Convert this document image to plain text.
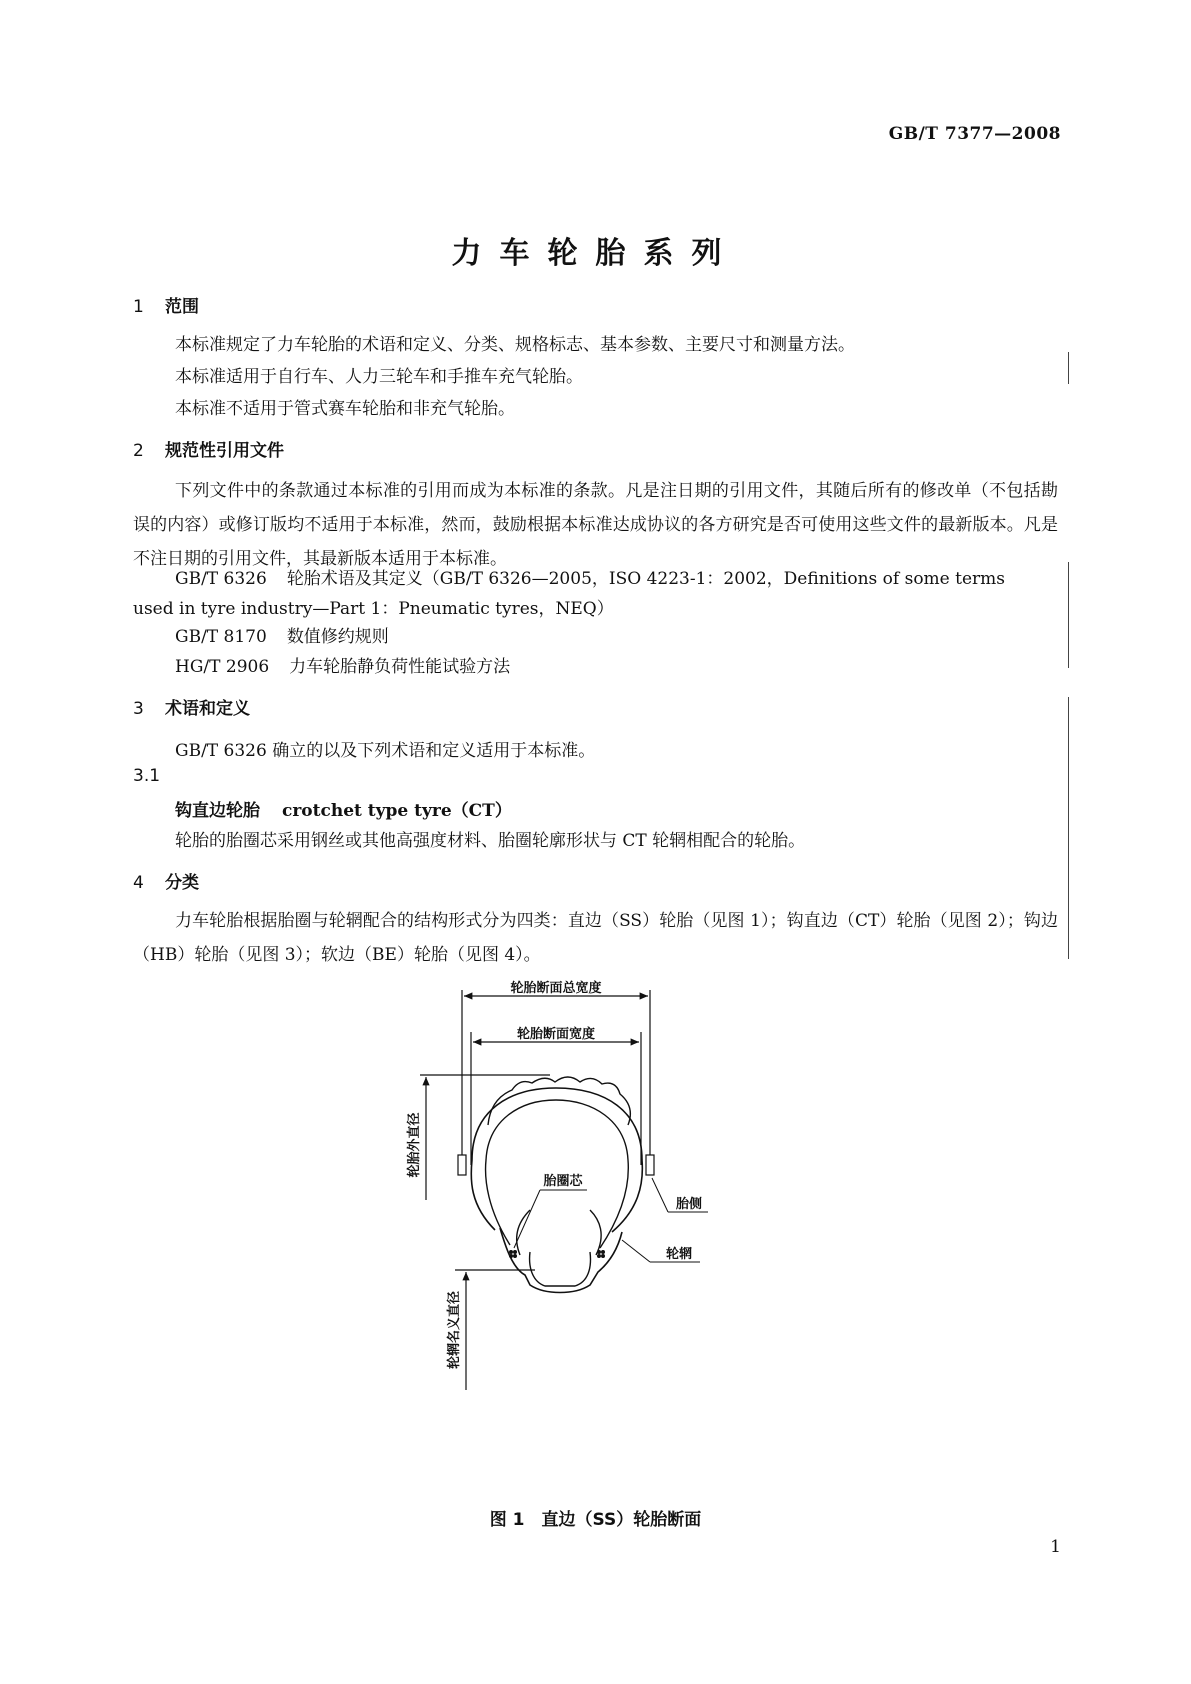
GB/T 7377—2008
力车轮胎系列
1 范围
本标准规定了力车轮胎的术语和定义、分类、规格标志、基本参数、主要尺寸和测量方法。
本标准适用于自行车、人力三轮车和手推车充气轮胎。
本标准不适用于管式赛车轮胎和非充气轮胎。
2 规范性引用文件
下列文件中的条款通过本标准的引用而成为本标准的条款。凡是注日期的引用文件，其随后所有的修改单（不包括勘误的内容）或修订版均不适用于本标准，然而，鼓励根据本标准达成协议的各方研究是否可使用这些文件的最新版本。凡是不注日期的引用文件，其最新版本适用于本标准。
GB/T 6326 轮胎术语及其定义（GB/T 6326—2005，ISO 4223-1：2002，Definitions of some terms
used in tyre industry—Part 1：Pneumatic tyres，NEQ）
GB/T 8170 数值修约规则
HG/T 2906 力车轮胎静负荷性能试验方法
3 术语和定义
GB/T 6326 确立的以及下列术语和定义适用于本标准。
3.1
钩直边轮胎 crotchet type tyre（CT）
轮胎的胎圈芯采用钢丝或其他高强度材料、胎圈轮廓形状与 CT 轮辋相配合的轮胎。
4 分类
力车轮胎根据胎圈与轮辋配合的结构形式分为四类：直边（SS）轮胎（见图 1）；钩直边（CT）轮胎（见图 2）；钩边（HB）轮胎（见图 3）；软边（BE）轮胎（见图 4）。
轮胎断面总宽度
轮胎断面宽度
胎圈芯
胎侧
轮辋
轮胎外直径
轮辋名义直径
图 1　直边（SS）轮胎断面
1
